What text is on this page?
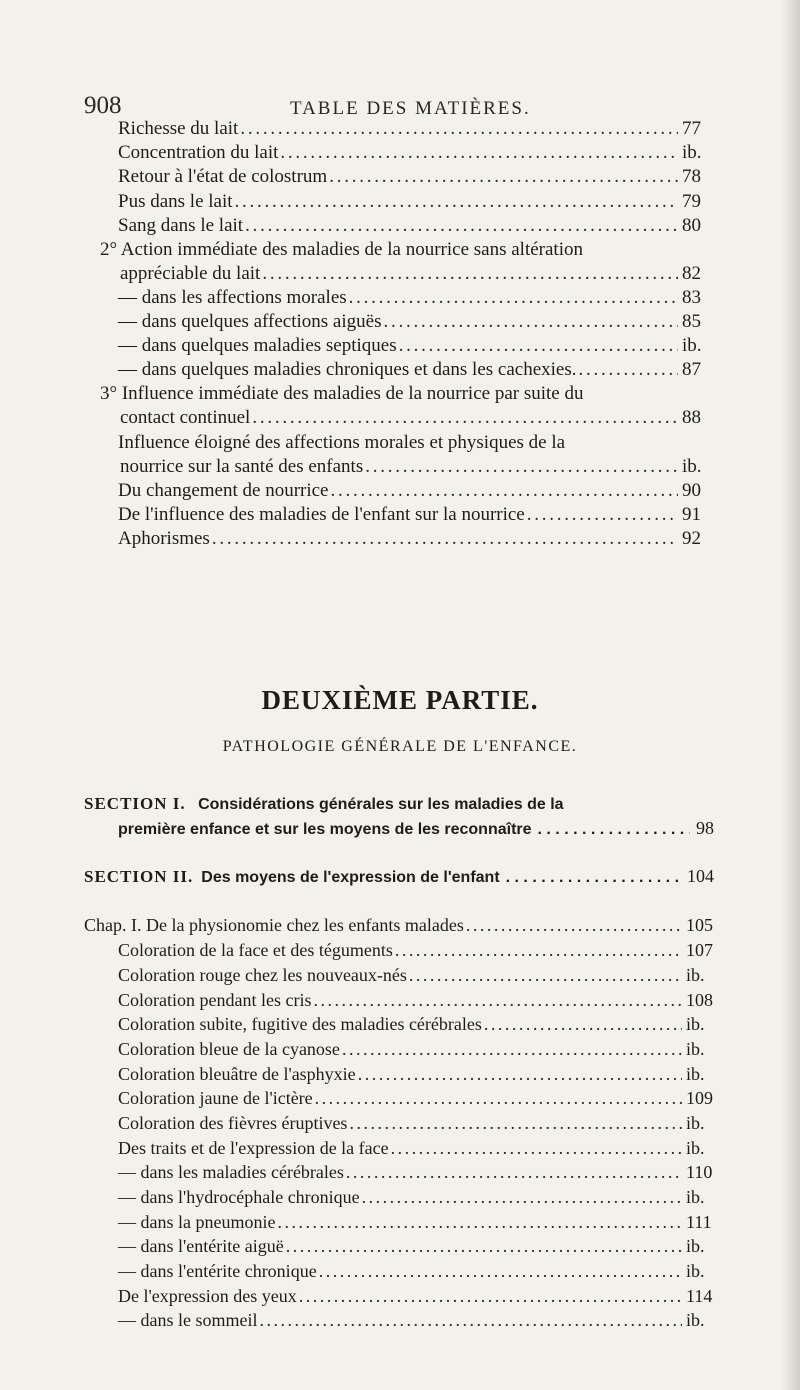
908	TABLE DES MATIÈRES.
Richesse du lait . . .	77
Concentration du lait . . .	ib.
Retour à l'état de colostrum . . .	78
Pus dans le lait . . .	79
Sang dans le lait . . .	80
2° Action immédiate des maladies de la nourrice sans altération
appréciable du lait . . .	82
— dans les affections morales . . .	83
— dans quelques affections aiguës . . .	85
— dans quelques maladies septiques . . .	ib.
— dans quelques maladies chroniques et dans les cachexies. . . .	87
3° Influence immédiate des maladies de la nourrice par suite du
contact continuel . . .	88
Influence éloigné des affections morales et physiques de la
nourrice sur la santé des enfants . . .	ib.
Du changement de nourrice . . .	90
De l'influence des maladies de l'enfant sur la nourrice . . .	91
Aphorismes . . .	92
DEUXIÈME PARTIE.
PATHOLOGIE GÉNÉRALE DE L'ENFANCE.
SECTION I. Considérations générales sur les maladies de la
première enfance et sur les moyens de les reconnaître . . .	98
SECTION II. Des moyens de l'expression de l'enfant . . .	104
Chap. I. De la physionomie chez les enfants malades . . .	105
Coloration de la face et des téguments . . .	107
Coloration rouge chez les nouveaux-nés . . .	ib.
Coloration pendant les cris . . .	108
Coloration subite, fugitive des maladies cérébrales . . .	ib.
Coloration bleue de la cyanose . . .	ib.
Coloration bleuâtre de l'asphyxie . . .	ib.
Coloration jaune de l'ictère . . .	109
Coloration des fièvres éruptives . . .	ib.
Des traits et de l'expression de la face . . .	ib.
— dans les maladies cérébrales . . .	110
— dans l'hydrocéphale chronique . . .	ib.
— dans la pneumonie . . .	111
— dans l'entérite aiguë . . .	ib.
— dans l'entérite chronique . . .	ib.
De l'expression des yeux . . .	114
— dans le sommeil . . .	ib.
